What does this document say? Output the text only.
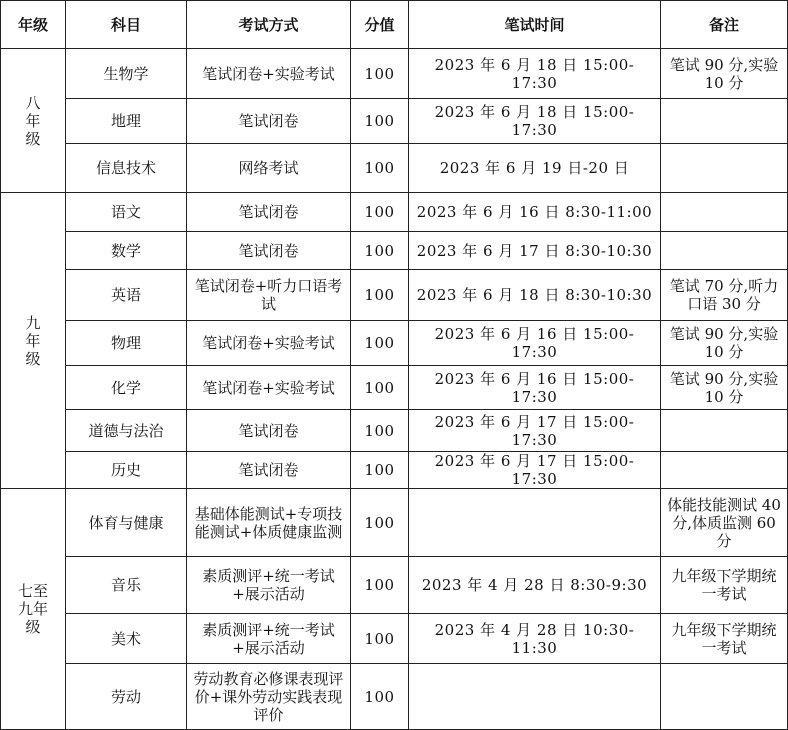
年级	科目	考试方式	分值	笔试时间	备注

八
年
级	生物学	笔试闭卷+实验考试	100	2023 年 6 月 18 日 15:00-17:30	笔试 90 分,实验 10 分
	地理	笔试闭卷	100	2023 年 6 月 18 日 15:00-17:30	
	信息技术	网络考试	100	2023 年 6 月 19 日-20 日	

九
年
级	语文	笔试闭卷	100	2023 年 6 月 16 日 8:30-11:00	
	数学	笔试闭卷	100	2023 年 6 月 17 日 8:30-10:30	
	英语	笔试闭卷+听力口语考试	100	2023 年 6 月 18 日 8:30-10:30	笔试 70 分,听力口语 30 分
	物理	笔试闭卷+实验考试	100	2023 年 6 月 16 日 15:00-17:30	笔试 90 分,实验 10 分
	化学	笔试闭卷+实验考试	100	2023 年 6 月 16 日 15:00-17:30	笔试 90 分,实验 10 分
	道德与法治	笔试闭卷	100	2023 年 6 月 17 日 15:00-17:30	
	历史	笔试闭卷	100	2023 年 6 月 17 日 15:00-17:30	

七至
九年
级	体育与健康	基础体能测试+专项技能测试+体质健康监测	100		体能技能测试 40 分,体质监测 60 分
	音乐	素质测评+统一考试+展示活动	100	2023 年 4 月 28 日 8:30-9:30	九年级下学期统一考试
	美术	素质测评+统一考试+展示活动	100	2023 年 4 月 28 日 10:30-11:30	九年级下学期统一考试
	劳动	劳动教育必修课表现评价+课外劳动实践表现评价	100		
